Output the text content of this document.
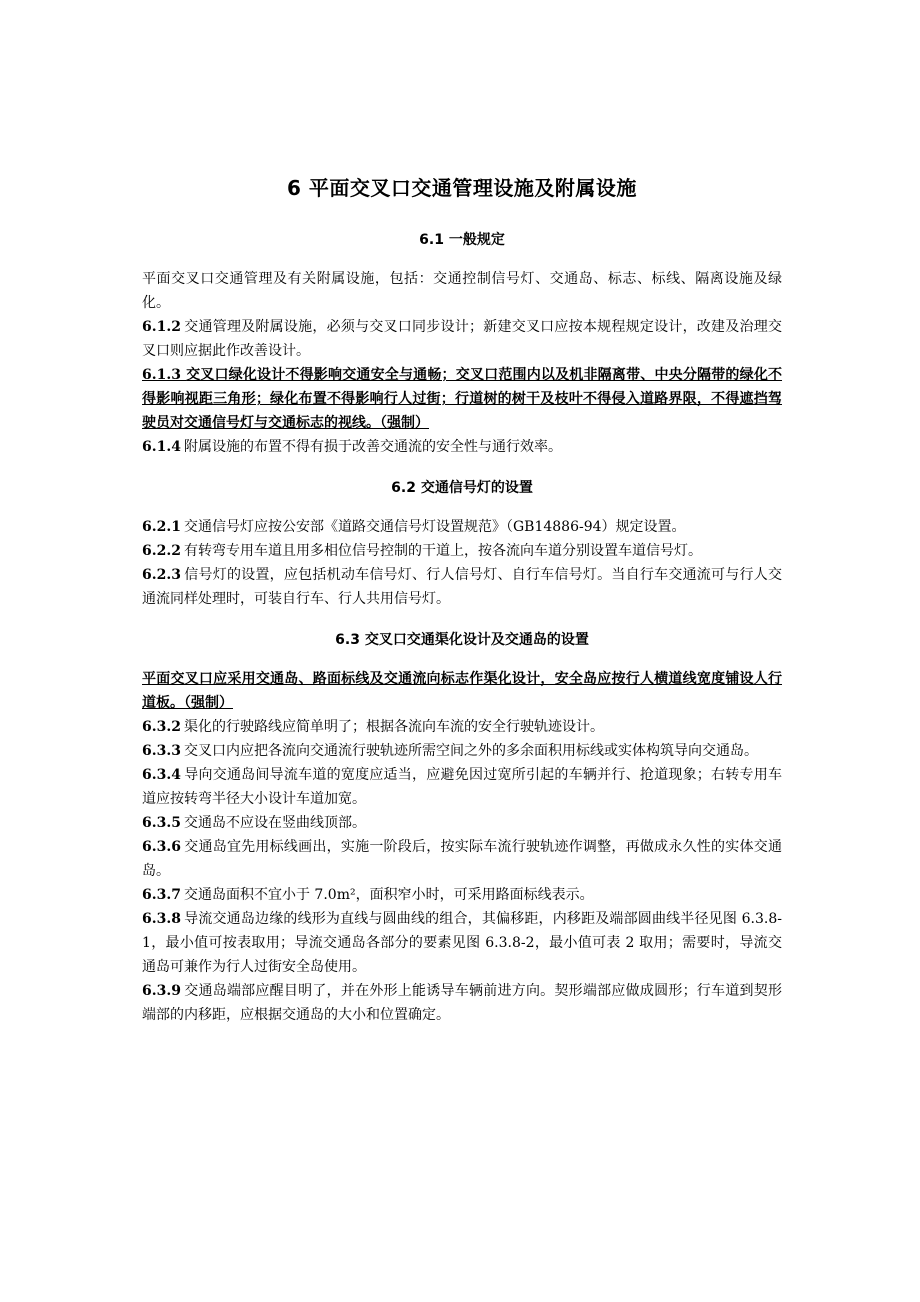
6 平面交叉口交通管理设施及附属设施
6.1 一般规定

平面交叉口交通管理及有关附属设施，包括：交通控制信号灯、交通岛、标志、标线、隔离设施及绿化。

6.1.2 交通管理及附属设施，必须与交叉口同步设计；新建交叉口应按本规程规定设计，改建及治理交叉口则应据此作改善设计。

6.1.3 交叉口绿化设计不得影响交通安全与通畅；交叉口范围内以及机非隔离带、中央分隔带的绿化不得影响视距三角形；绿化布置不得影响行人过街；行道树的树干及枝叶不得侵入道路界限，不得遮挡驾驶员对交通信号灯与交通标志的视线。（强制）

6.1.4 附属设施的布置不得有损于改善交通流的安全性与通行效率。

6.2 交通信号灯的设置

6.2.1 交通信号灯应按公安部《道路交通信号灯设置规范》（GB14886-94）规定设置。

6.2.2 有转弯专用车道且用多相位信号控制的干道上，按各流向车道分别设置车道信号灯。

6.2.3 信号灯的设置，应包括机动车信号灯、行人信号灯、自行车信号灯。当自行车交通流可与行人交通流同样处理时，可装自行车、行人共用信号灯。

6.3 交叉口交通渠化设计及交通岛的设置

平面交叉口应采用交通岛、路面标线及交通流向标志作渠化设计，安全岛应按行人横道线宽度铺设人行道板。（强制）

6.3.2 渠化的行驶路线应简单明了；根据各流向车流的安全行驶轨迹设计。

6.3.3 交叉口内应把各流向交通流行驶轨迹所需空间之外的多余面积用标线或实体构筑导向交通岛。

6.3.4 导向交通岛间导流车道的宽度应适当，应避免因过宽所引起的车辆并行、抢道现象；右转专用车道应按转弯半径大小设计车道加宽。

6.3.5 交通岛不应设在竖曲线顶部。

6.3.6 交通岛宜先用标线画出，实施一阶段后，按实际车流行驶轨迹作调整，再做成永久性的实体交通岛。

6.3.7 交通岛面积不宜小于 7.0m²，面积窄小时，可采用路面标线表示。

6.3.8 导流交通岛边缘的线形为直线与圆曲线的组合，其偏移距，内移距及端部圆曲线半径见图 6.3.8-1，最小值可按表取用；导流交通岛各部分的要素见图 6.3.8-2，最小值可表 2 取用；需要时，导流交通岛可兼作为行人过街安全岛使用。

6.3.9 交通岛端部应醒目明了，并在外形上能诱导车辆前进方向。契形端部应做成圆形；行车道到契形端部的内移距，应根据交通岛的大小和位置确定。
